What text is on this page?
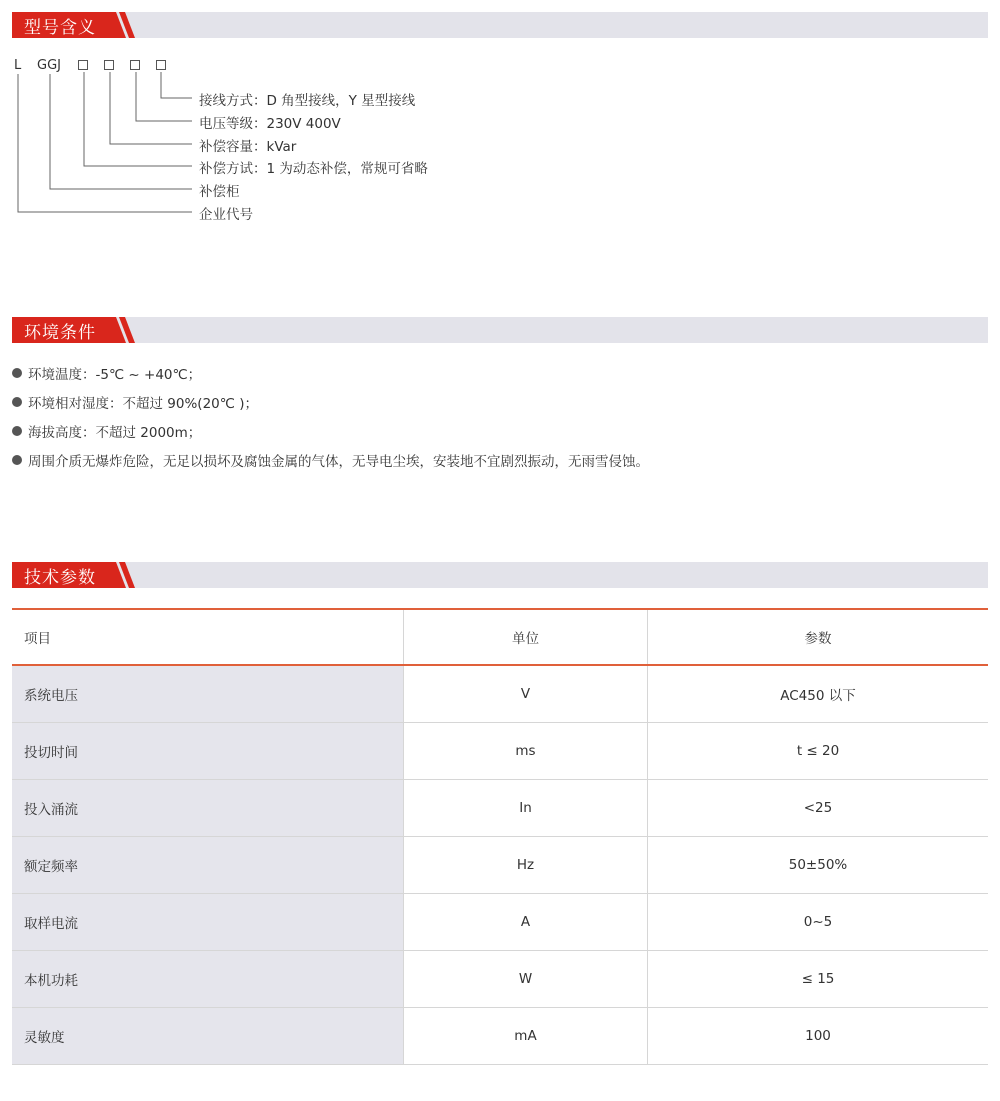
型号含义
L GGJ
接线方式：D 角型接线，Y 星型接线
电压等级：230V 400V
补偿容量：kVar
补偿方试：1 为动态补偿，常规可省略
补偿柜
企业代号
环境条件
环境温度：-5℃ ~ +40℃；
环境相对湿度：不超过 90%(20℃ )；
海拔高度：不超过 2000m；
周围介质无爆炸危险，无足以损坏及腐蚀金属的气体，无导电尘埃，安装地不宜剧烈振动，无雨雪侵蚀。
技术参数
项目	单位	参数
系统电压	V	AC450 以下
投切时间	ms	t ≤ 20
投入涌流	In	<25
额定频率	Hz	50±50%
取样电流	A	0~5
本机功耗	W	≤ 15
灵敏度	mA	100
